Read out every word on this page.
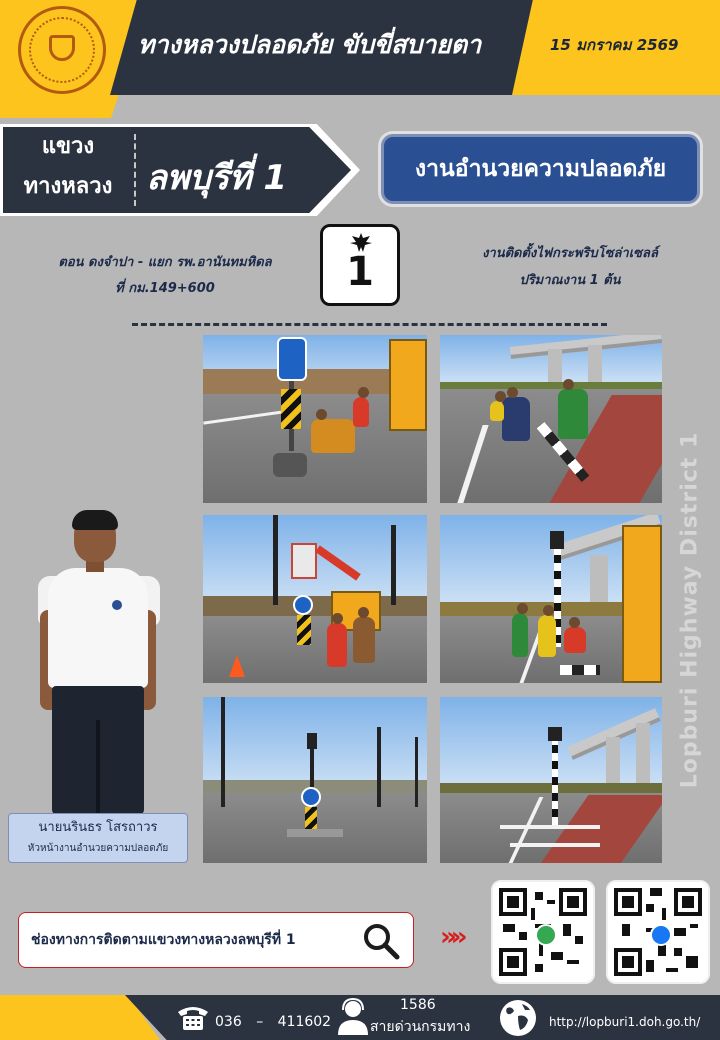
ทางหลวงปลอดภัย ขับขี่สบายตา	15 มกราคม 2569
แขวง
ทางหลวง ลพบุรีที่ 1	งานอำนวยความปลอดภัย
ตอน ดงจำปา - แยก รพ.อานันทมหิดล
ที่ กม.149+600	1	งานติดตั้งไฟกระพริบโซล่าเซลล์
ปริมาณงาน 1 ต้น
นายนรินธร โสรถาวร
หัวหน้างานอำนวยความปลอดภัย
Lopburi Highway District 1
ช่องทางการติดตามแขวงทางหลวงลพบุรีที่ 1	»»
036 – 411602
1586
สายด่วนกรมทาง	http://lopburi1.doh.go.th/
